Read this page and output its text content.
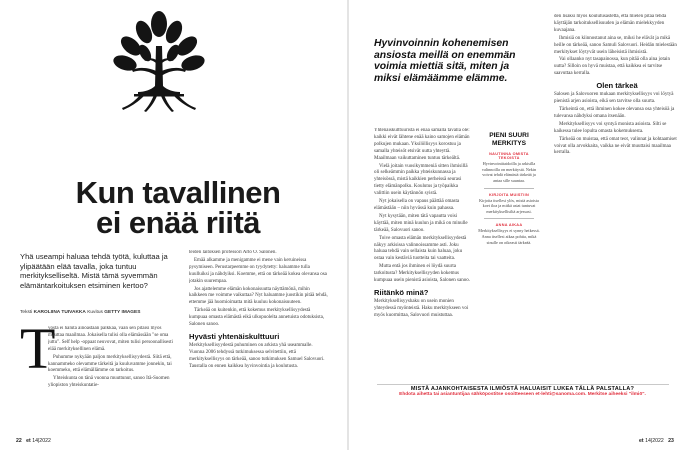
Kun tavallinen
ei enää riitä
Yhä useampi haluaa tehdä työtä, kuluttaa ja ylipäätään elää tavalla, joka tuntuu merkitykselliseltä. Mistä tämä syvemmän elämäntarkoituksen etsiminen kertoo?
Teksti KAROLIINA TUIVAKKA Kuvitus GETTY IMAGES
T

yöstä ei haluta ainoastaan palkkaa, vaan sen pitäisi myös muuttaa maailmaa. Jokaisella tulisi olla elämässään "se oma juttu". Self help -oppaat neuvovat, miten tulisi persoonallisesti elää merkityksellinen elämä.

Puhumme nykyään paljon merkityksellisyydestä. Siitä että, kannammeko olevamme tärkeitä ja kuuluvamme jonnekin, tai koemmeko, että elämällämme on tarkoitus.

Yhteiskunta on tänä vuonna muuttunut, sanoo Itä-Suomen yliopiston yhteiskuntatie-

teiden laitoksen professori Arto O. Salonen.

Emää alkamme ja menigamme ei mene vain keruineissa pysymiseen. Perustarpeemme on tyydytetty: haluamme tulla kuulluiksi ja nähdyiksi. Koemme, että on tärkeää kokea olevansa osa jotakin suurempaa.

Jos ajattelemme elämän kokonaisuutta näyttämönä, mihin kaikkeen me voimme vaikuttaa? Nyt haluamme juostikin pitää tehdä, ettemme jää huomioimatta mitä kuuluu kokonaisuuteen.

Tärkeää on kuitenkin, että kokemus merkityksellisyydestä kumpuaa omasta elämästä eikä ulkopuolelta annetuista odotuksista, Salonen sanoo.

Hyvästi yhtenäiskulttuuri

Merkityksellisyydestä puhuminen on arkista yhä useammalle. Vuonna 2006 tehdyssä tutkimuksessa selvitettiin, että merkityksellisyys on tärkeää, sanoo tutkimuksen Samuel Salovuori. Taustalla on ennen kaikkea hyvinvointia ja koulutusta.

22 et 14|2022	et 14|2022 23
Hyvinvoinnin kohenemisen ansiosta meillä on enemmän voimia miettiä sitä, miten ja miksi elämäämme elämme.

Yhtenäiskulttuurista ei enää samalla tavalla ole: kaikki eivät lähtene enää kaino samojen elämän polkujen mukaan. Yksilöllisyys korostuu ja samalla yhteisöt etsivät uutta yhteyttä. Maailmaan vaikuttaminen tuntuu tärkeältä.

Vielä joitain vuosikymmeniä sitten ihmisillä oli selkeämmin paikka yhteiskunnassa ja yhteisössä, mistä kaikkien perheissä seurasi tietty elämänpolku. Koulutus ja työpaikka valittiin usein käytännön syistä.

Nyt jokaisella on vapaus päättää omasta elämästään – niin hyvässä kuin pahassa.

Nyt kysytään, miten tätä vapautta voisi käyttää, miten minä kuulun ja mikä on minulle tärkeää, Salovuori sanoo.

Toive omasta elämän merkityksellisyydestä näkyy arkisissa valinnoissamme asti. Joku haluaa tehdä vain sellaista kuin haluaa, joku ostaa vain kestäviä tuotteita tai vaatteita.

Mutta entä jos ihminen ei löydä suurta tarkoitusta? Merkityksellisyyden kokemus kumpuaa usein pienistä asioista, Salonen sanoo.

Riitänkö minä?

Merkityksellisyyshaku on usein monien yhteydessä myönteistä. Haku merkitykseen voi myös kuormittaa, Salovuori muistuttaa.

PIENI SUURI MERKITYS
NAUTINNA OMISTA TEKOISTA
Hyvinvointitaidoilla ja arkisilla valinnoilla on merkitystä. Nekin voivat tehdä elämästä tärkeää ja antaa sille suuntaa.
KIRJOITA MUISTIIN
Kirjoita itsellesi ylös, mistä asioista koet iloa ja mitkä asiat tuntuvat merkityksellisiltä arjessasi.
ANNA AIKAA
Merkityksellisyys ei synny hetkessä. Anna itsellesi aikaa pohtia, mikä sinulle on oikeasti tärkeää.

den lisäksi myös koulutusastetta, että mielen pitää tehdä käyttäjän tarkoituksellisuuden ja elämän mielekkyyden kuvaajana.

Ihmisiä on kiinnostanut aina se, miksi he elävät ja mikä heille on tärkeää, sanoo Samuli Salovuori. Heidän mielestään merkitykset löytyvät usein läheisistä ihmisistä.

Vai ollaanko nyt tasapainossa, kun pitää olla aina jotain uutta? Silloin on hyvä muistaa, että kaikkea ei tarvitse saavuttaa kerralla.

Olen tärkeä

Salosen ja Salovuoren mukaan merkityksellisyys voi löytyä pienistä arjen asioista, eikä sen tarvitse olla suurta.

Tärkeintä on, että ihminen kokee olevansa osa yhteisöä ja tulevansa nähdyksi omana itsenään.

Merkityksellisyys voi syntyä monista asioista. Silti se kaikessa tulee lopulta omasta kokemuksesta.

Tärkeää on muistaa, että omat teot, valinnat ja kohtaamiset voivat olla arvokkaita, vaikka ne eivät muuttaisi maailmaa kerralla.

MISTÄ AJANKOHTAISESTA ILMIÖSTÄ HALUAISIT LUKEA TÄLLÄ PALSTALLA?
Ehdota aihetta tai asiantuntijaa sähköpostitse osoitteeseen et-lehti@sanoma.com. Merkitse aiheeksi "ilmiö".
